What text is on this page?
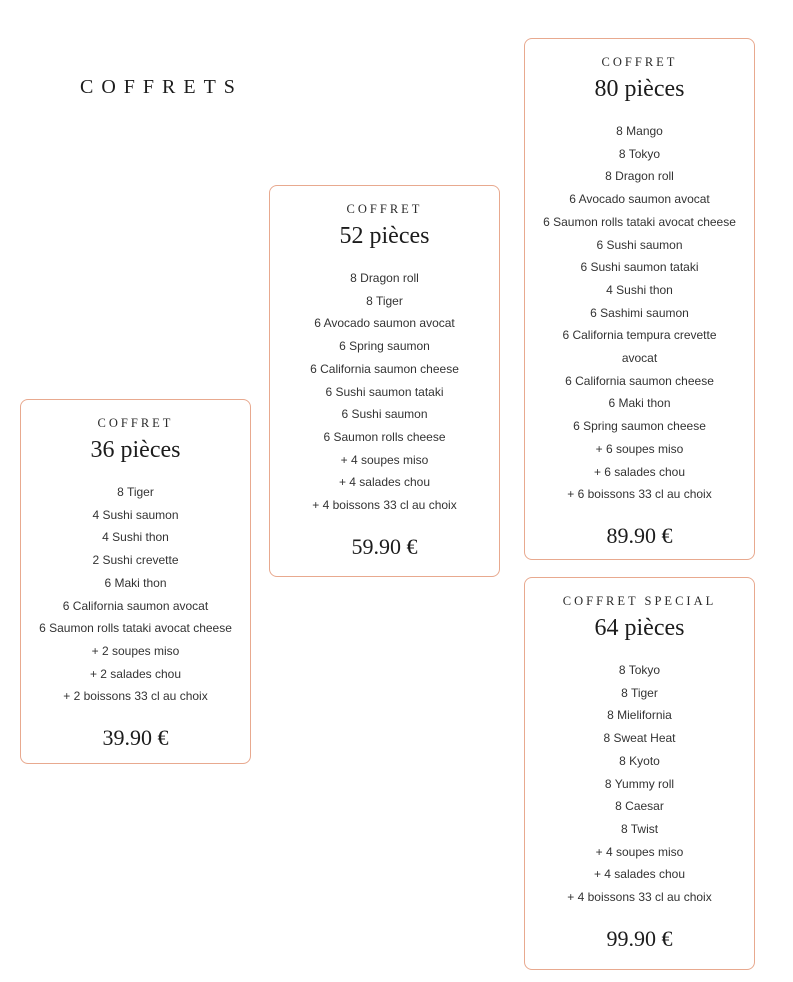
COFFRETS
COFFRET
36 pièces
8 Tiger
4 Sushi saumon
4 Sushi thon
2 Sushi crevette
6 Maki thon
6 California saumon avocat
6 Saumon rolls tataki avocat cheese
+ 2 soupes miso
+ 2 salades chou
+ 2 boissons 33 cl au choix
39.90 €
COFFRET
52 pièces
8 Dragon roll
8 Tiger
6 Avocado saumon avocat
6 Spring saumon
6 California saumon cheese
6 Sushi saumon tataki
6 Sushi saumon
6 Saumon rolls cheese
+ 4 soupes miso
+ 4 salades chou
+ 4 boissons 33 cl au choix
59.90 €
COFFRET
80 pièces
8 Mango
8 Tokyo
8 Dragon roll
6 Avocado saumon avocat
6 Saumon rolls tataki avocat cheese
6 Sushi saumon
6 Sushi saumon tataki
4 Sushi thon
6 Sashimi saumon
6 California tempura crevette
avocat
6 California saumon cheese
6 Maki thon
6 Spring saumon cheese
+ 6 soupes miso
+ 6 salades chou
+ 6 boissons 33 cl au choix
89.90 €
COFFRET SPECIAL
64 pièces
8 Tokyo
8 Tiger
8 Mielifornia
8 Sweat Heat
8 Kyoto
8 Yummy roll
8 Caesar
8 Twist
+ 4 soupes miso
+ 4 salades chou
+ 4 boissons 33 cl au choix
99.90 €
